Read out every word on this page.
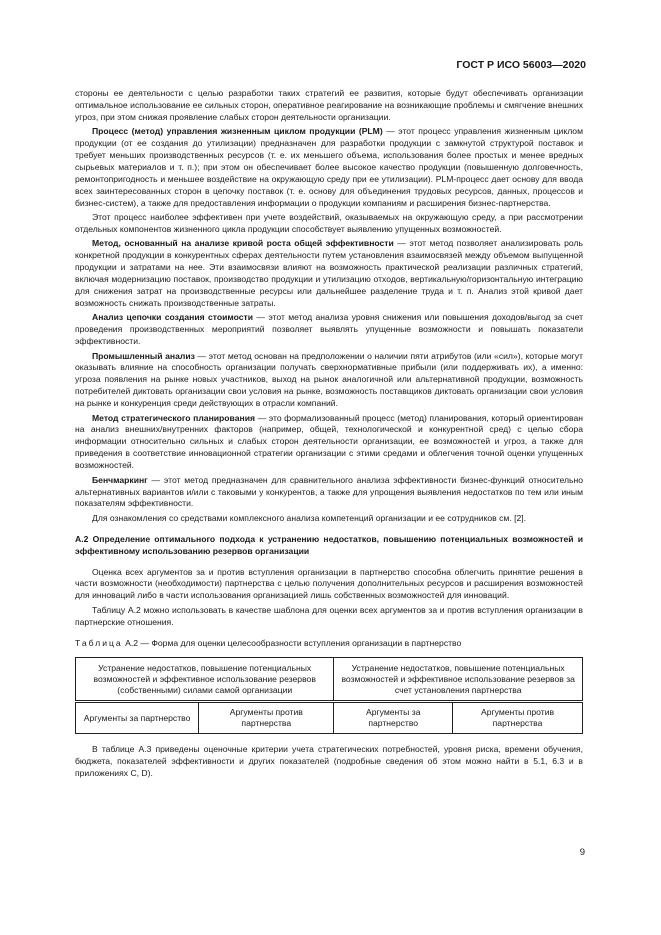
ГОСТ Р ИСО 56003—2020

стороны ее деятельности с целью разработки таких стратегий ее развития, которые будут обеспечивать организации оптимальное использование ее сильных сторон, оперативное реагирование на возникающие проблемы и смягчение внешних угроз, при этом снижая проявление слабых сторон деятельности организации.

Процесс (метод) управления жизненным циклом продукции (PLM) — этот процесс управления жизненным циклом продукции (от ее создания до утилизации) предназначен для разработки продукции с замкнутой структурой поставок и требует меньших производственных ресурсов (т. е. их меньшего объема, использования более простых и менее вредных сырьевых материалов и т. п.); при этом он обеспечивает более высокое качество продукции (повышенную долговечность, ремонтопригодность и меньшее воздействие на окружающую среду при ее утилизации). PLM-процесс дает основу для ввода всех заинтересованных сторон в цепочку поставок (т. е. основу для объединения трудовых ресурсов, данных, процессов и бизнес-систем), а также для предоставления информации о продукции компаниям и расширения бизнес-партнерства.

Этот процесс наиболее эффективен при учете воздействий, оказываемых на окружающую среду, а при рассмотрении отдельных компонентов жизненного цикла продукции способствует выявлению упущенных возможностей.

Метод, основанный на анализе кривой роста общей эффективности — этот метод позволяет анализировать роль конкретной продукции в конкурентных сферах деятельности путем установления взаимосвязей между объемом выпущенной продукции и затратами на нее. Эти взаимосвязи влияют на возможность практической реализации различных стратегий, включая модернизацию поставок, производство продукции и утилизацию отходов, вертикальную/горизонтальную интеграцию для снижения затрат на производственные ресурсы или дальнейшее разделение труда и т. п. Анализ этой кривой дает возможность снижать производственные затраты.

Анализ цепочки создания стоимости — этот метод анализа уровня снижения или повышения доходов/выгод за счет проведения производственных мероприятий позволяет выявлять упущенные возможности и повышать показатели эффективности.

Промышленный анализ — этот метод основан на предположении о наличии пяти атрибутов (или «сил»), которые могут оказывать влияние на способность организации получать сверхнормативные прибыли (или поддерживать их), а именно: угроза появления на рынке новых участников, выход на рынок аналогичной или альтернативной продукции, возможность потребителей диктовать организации свои условия на рынке, возможность поставщиков диктовать организации свои условия на рынке и конкуренция среди действующих в отрасли компаний.

Метод стратегического планирования — это формализованный процесс (метод) планирования, который ориентирован на анализ внешних/внутренних факторов (например, общей, технологической и конкурентной сред) с целью сбора информации относительно сильных и слабых сторон деятельности организации, ее возможностей и угроз, а также для приведения в соответствие инновационной стратегии организации с этими средами и облегчения точной оценки упущенных возможностей.

Бенчмаркинг — этот метод предназначен для сравнительного анализа эффективности бизнес-функций относительно альтернативных вариантов и/или с таковыми у конкурентов, а также для упрощения выявления недостатков по тем или иным показателям эффективности.

Для ознакомления со средствами комплексного анализа компетенций организации и ее сотрудников см. [2].

А.2 Определение оптимального подхода к устранению недостатков, повышению потенциальных возможностей и эффективному использованию резервов организации

Оценка всех аргументов за и против вступления организации в партнерство способна облегчить принятие решения в части возможности (необходимости) партнерства с целью получения дополнительных ресурсов и расширения возможностей для инноваций либо в части использования организацией лишь собственных возможностей для инноваций.

Таблицу А.2 можно использовать в качестве шаблона для оценки всех аргументов за и против вступления организации в партнерские отношения.

Таблица А.2 — Форма для оценки целесообразности вступления организации в партнерство

Устранение недостатков, повышение потенциальных возможностей и эффективное использование резервов (собственными) силами самой организации		Устранение недостатков, повышение потенциальных возможностей и эффективное использование резервов за счет установления партнерства	
Аргументы за партнерство	Аргументы против партнерства	Аргументы за партнерство	Аргументы против партнерства

В таблице А.3 приведены оценочные критерии учета стратегических потребностей, уровня риска, времени обучения, бюджета, показателей эффективности и других показателей (подробные сведения об этом можно найти в 5.1, 6.3 и в приложениях C, D).

9
